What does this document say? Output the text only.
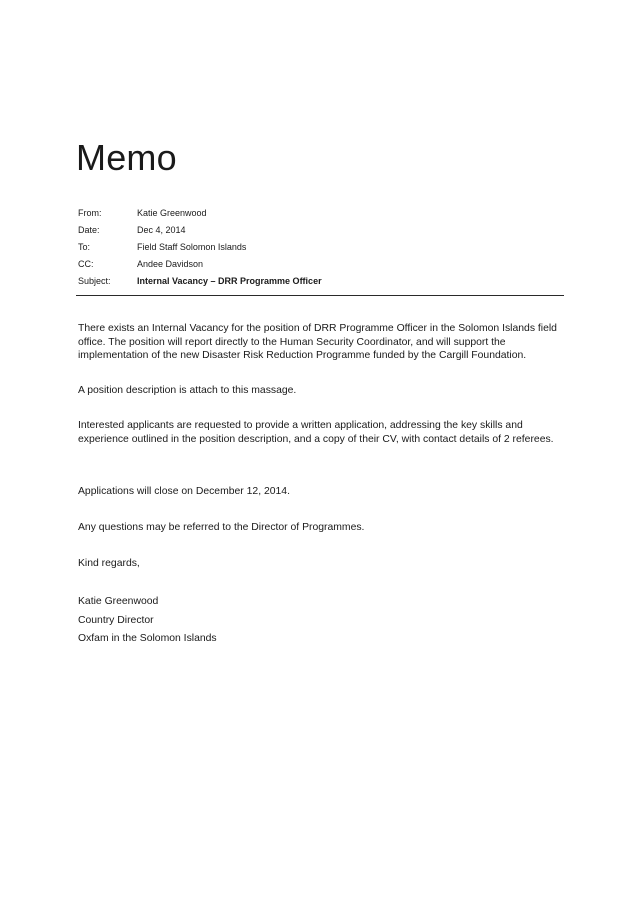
Memo
From:	Katie Greenwood
Date:	Dec 4, 2014
To:	Field Staff Solomon Islands
CC:	Andee Davidson
Subject:	Internal Vacancy – DRR Programme Officer

There exists an Internal Vacancy for the position of DRR Programme Officer in the Solomon Islands field office. The position will report directly to the Human Security Coordinator, and will support the implementation of the new Disaster Risk Reduction Programme funded by the Cargill Foundation.

A position description is attach to this massage.

Interested applicants are requested to provide a written application, addressing the key skills and experience outlined in the position description, and a copy of their CV, with contact details of 2 referees.

Applications will close on December 12, 2014.

Any questions may be referred to the Director of Programmes.

Kind regards,

Katie Greenwood

Country Director

Oxfam in the Solomon Islands
